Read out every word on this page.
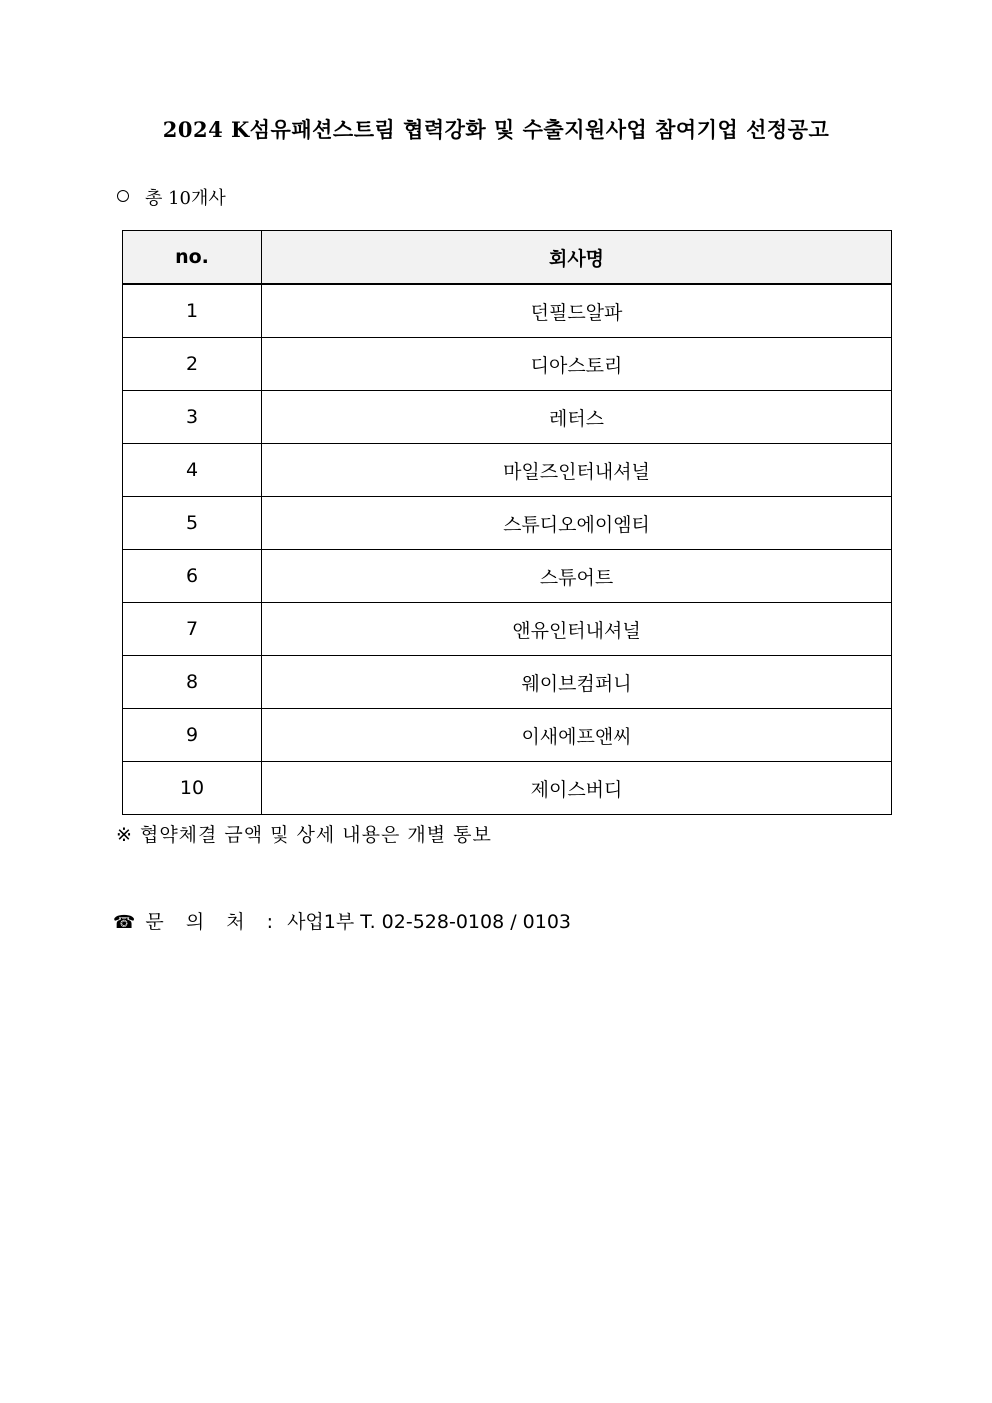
2024 K섬유패션스트림 협력강화 및 수출지원사업 참여기업 선정공고
총 10개사
no.	회사명
1	던필드알파
2	디아스토리
3	레터스
4	마일즈인터내셔널
5	스튜디오에이엠티
6	스튜어트
7	앤유인터내셔널
8	웨이브컴퍼니
9	이새에프앤씨
10	제이스버디
※ 협약체결 금액 및 상세 내용은 개별 통보
☎ 문 의 처 : 사업1부 T. 02-528-0108 / 0103
